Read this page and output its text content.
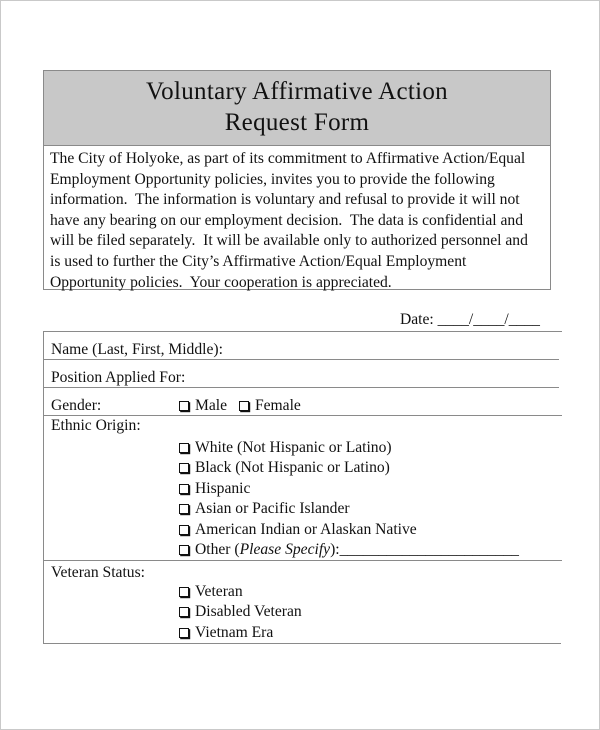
Voluntary Affirmative Action
Request Form
The City of Holyoke, as part of its commitment to Affirmative Action/Equal
Employment Opportunity policies, invites you to provide the following
information.  The information is voluntary and refusal to provide it will not
have any bearing on our employment decision.  The data is confidential and
will be filed separately.  It will be available only to authorized personnel and
is used to further the City’s Affirmative Action/Equal Employment
Opportunity policies.  Your cooperation is appreciated.
Date: ____/____/____
Name (Last, First, Middle):
Position Applied For:
Gender:	Male Female
Ethnic Origin:
White (Not Hispanic or Latino)
Black (Not Hispanic or Latino)
Hispanic
Asian or Pacific Islander
American Indian or Alaskan Native
Other (Please Specify):_______________________
Veteran Status:
Veteran
Disabled Veteran
Vietnam Era
